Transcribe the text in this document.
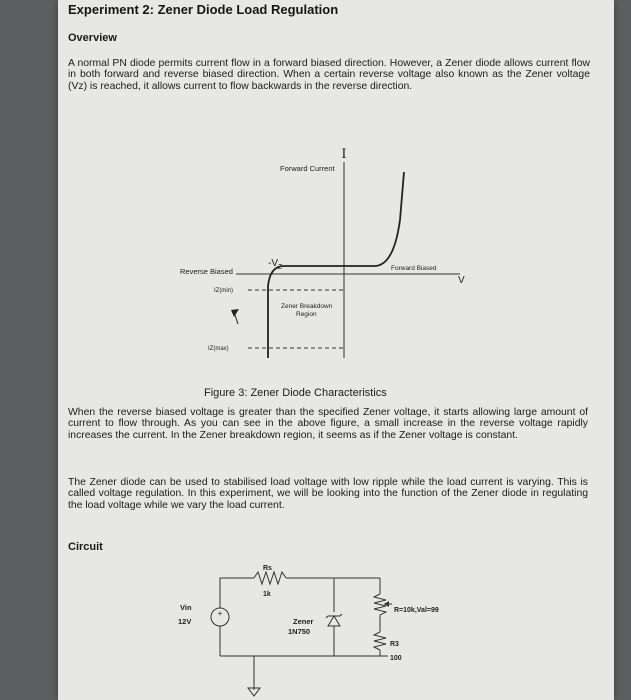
Experiment 2: Zener Diode Load Regulation
Overview
A normal PN diode permits current flow in a forward biased direction. However, a Zener diode allows current flow in both forward and reverse biased direction. When a certain reverse voltage also known as the Zener voltage (Vz) is reached, it allows current to flow backwards in the reverse direction.
I
V
Forward Current
Reverse Biased	Forward Biased
$-V_Z$
IZ(min)
IZ(max)
Zener Breakdown
Region
Figure 3: Zener Diode Characteristics
When the reverse biased voltage is greater than the specified Zener voltage, it starts allowing large amount of current to flow through. As you can see in the above figure, a small increase in the reverse voltage rapidly increases the current. In the Zener breakdown region, it seems as if the Zener voltage is constant.
The Zener diode can be used to stabilised load voltage with low ripple while the load current is varying. This is called voltage regulation. In this experiment, we will be looking into the function of the Zener diode in regulating the load voltage while we vary the load current.
Circuit
Rs
1k
+
Vin
12V	Zener
1N750
R=10k,Val=99
R3
100
